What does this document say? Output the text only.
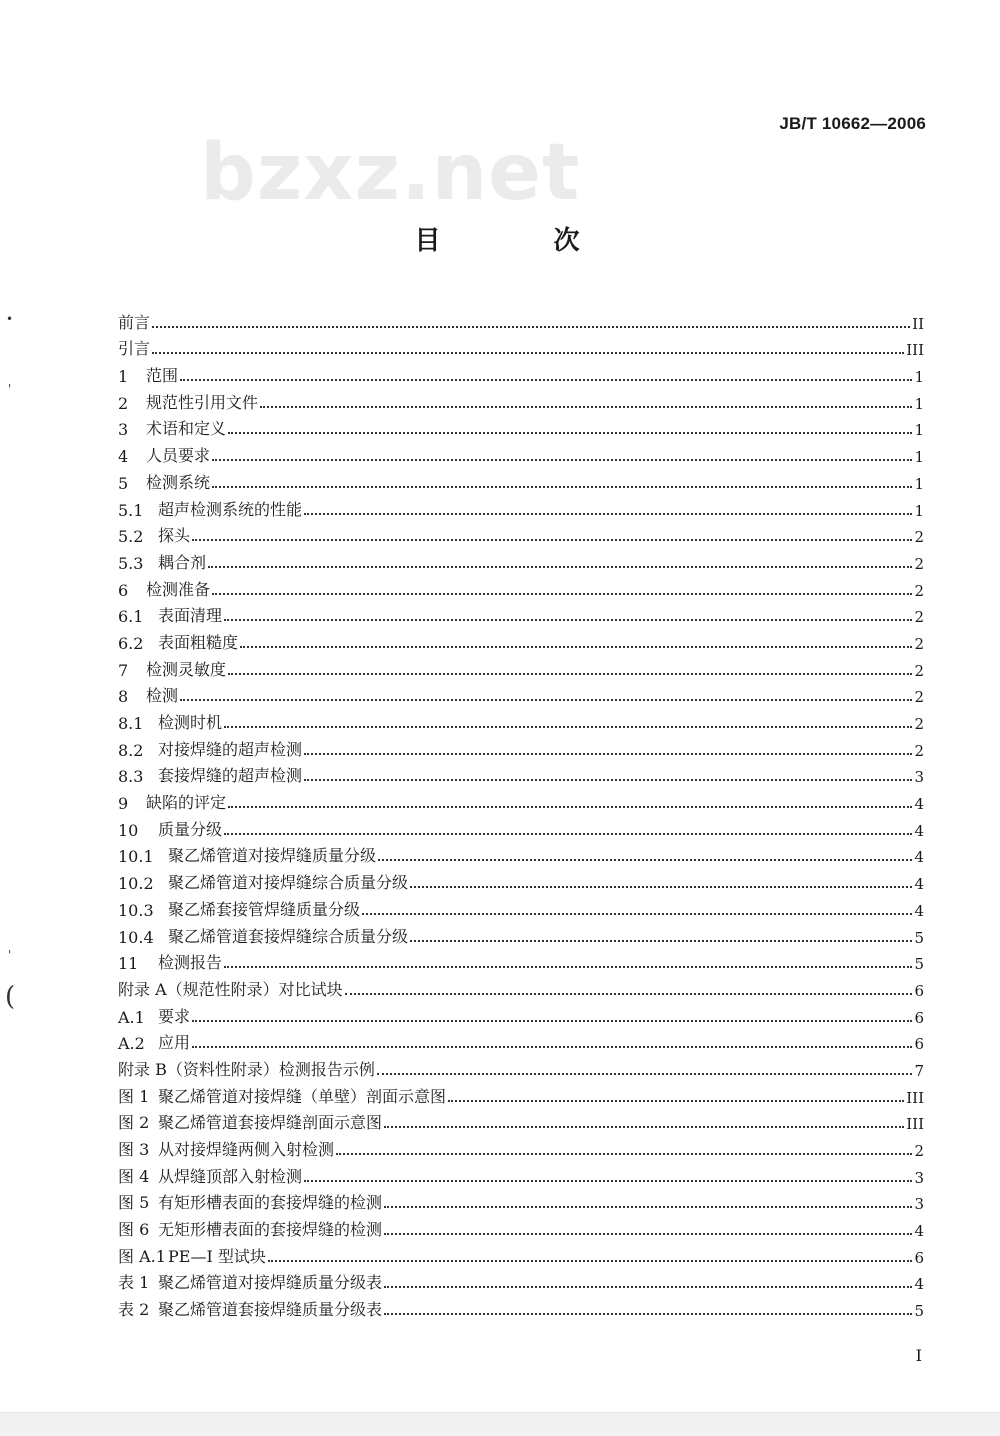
bzxz.net
JB/T 10662—2006
目 次
•
'
'
(
前言	II
引言	III
1	范围	1
2	规范性引用文件	1
3	术语和定义	1
4	人员要求	1
5	检测系统	1
5.1 超声检测系统的性能	1
5.2 探头	2
5.3 耦合剂	2
6	检测准备	2
6.1 表面清理	2
6.2 表面粗糙度	2
7	检测灵敏度	2
8	检测	2
8.1 检测时机	2
8.2 对接焊缝的超声检测	2
8.3 套接焊缝的超声检测	3
9	缺陷的评定	4
10	质量分级	4
10.1 聚乙烯管道对接焊缝质量分级	4
10.2 聚乙烯管道对接焊缝综合质量分级	4
10.3 聚乙烯套接管焊缝质量分级	4
10.4 聚乙烯管道套接焊缝综合质量分级	5
11	检测报告	5
附录 A（规范性附录）对比试块	6
A.1 要求	6
A.2 应用	6
附录 B（资料性附录）检测报告示例	7
图 1 聚乙烯管道对接焊缝（单壁）剖面示意图	III
图 2 聚乙烯管道套接焊缝剖面示意图	III
图 3 从对接焊缝两侧入射检测	2
图 4 从焊缝顶部入射检测	3
图 5 有矩形槽表面的套接焊缝的检测	3
图 6 无矩形槽表面的套接焊缝的检测	4
图 A.1 PE—I 型试块	6
表 1 聚乙烯管道对接焊缝质量分级表	4
表 2 聚乙烯管道套接焊缝质量分级表	5
I
